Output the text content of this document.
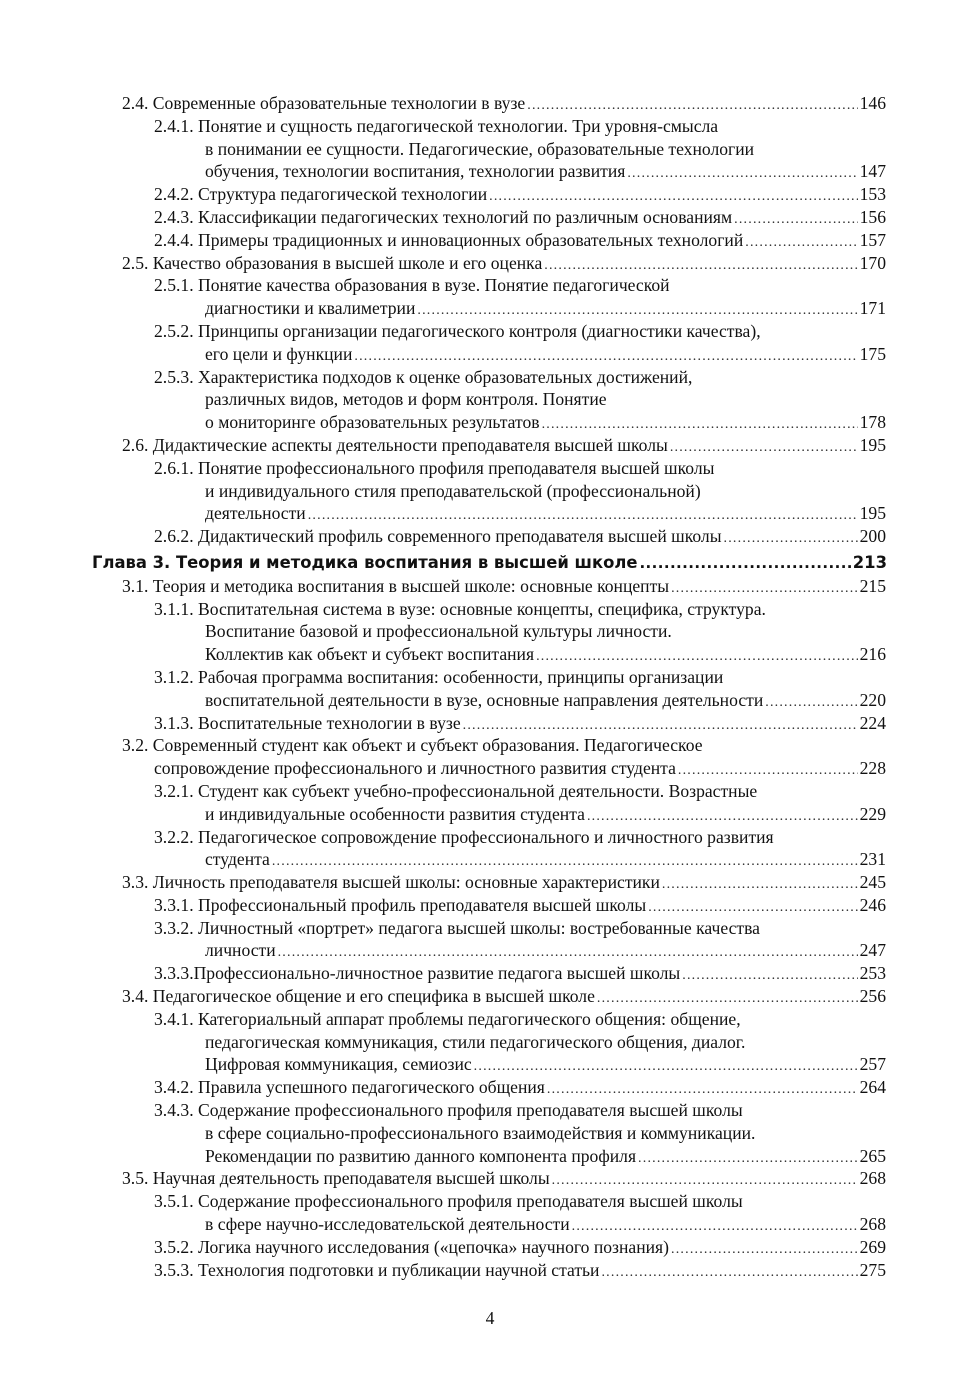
2.4. Современные образовательные технологии в вузе .....	146
2.4.1. Понятие и сущность педагогической технологии. Три уровня-смысла
в понимании ее сущности. Педагогические, образовательные технологии
обучения, технологии воспитания, технологии развития .....	147
2.4.2. Структура педагогической технологии .....	153
2.4.3. Классификации педагогических технологий по различным основаниям .....	156
2.4.4. Примеры традиционных и инновационных образовательных технологий .....	157
2.5. Качество образования в высшей школе и его оценка .....	170
2.5.1. Понятие качества образования в вузе. Понятие педагогической
диагностики и квалиметрии .....	171
2.5.2. Принципы организации педагогического контроля (диагностики качества),
его цели и функции .....	175
2.5.3. Характеристика подходов к оценке образовательных достижений,
различных видов, методов и форм контроля. Понятие
о мониторинге образовательных результатов .....	178
2.6. Дидактические аспекты деятельности преподавателя высшей школы .....	195
2.6.1. Понятие профессионального профиля преподавателя высшей школы
и индивидуального стиля преподавательской (профессиональной)
деятельности .....	195
2.6.2. Дидактический профиль современного преподавателя высшей школы .....	200
Глава 3. Теория и методика воспитания в высшей школе .....	213
3.1. Теория и методика воспитания в высшей школе: основные концепты .....	215
3.1.1. Воспитательная система в вузе: основные концепты, специфика, структура.
Воспитание базовой и профессиональной культуры личности.
Коллектив как объект и субъект воспитания .....	216
3.1.2. Рабочая программа воспитания: особенности, принципы организации
воспитательной деятельности в вузе, основные направления деятельности .....	220
3.1.3. Воспитательные технологии в вузе .....	224
3.2. Современный студент как объект и субъект образования. Педагогическое
сопровождение профессионального и личностного развития студента .....	228
3.2.1. Студент как субъект учебно-профессиональной деятельности. Возрастные
и индивидуальные особенности развития студента .....	229
3.2.2. Педагогическое сопровождение профессионального и личностного развития
студента .....	231
3.3. Личность преподавателя высшей школы: основные характеристики .....	245
3.3.1. Профессиональный профиль преподавателя высшей школы .....	246
3.3.2. Личностный «портрет» педагога высшей школы: востребованные качества
личности .....	247
3.3.3.Профессионально-личностное развитие педагога высшей школы .....	253
3.4. Педагогическое общение и его специфика в высшей школе .....	256
3.4.1. Категориальный аппарат проблемы педагогического общения: общение,
педагогическая коммуникация, стили педагогического общения, диалог.
Цифровая коммуникация, семиозис .....	257
3.4.2. Правила успешного педагогического общения .....	264
3.4.3. Содержание профессионального профиля преподавателя высшей школы
в сфере социально-профессионального взаимодействия и коммуникации.
Рекомендации по развитию данного компонента профиля .....	265
3.5. Научная деятельность преподавателя высшей школы .....	268
3.5.1. Содержание профессионального профиля преподавателя высшей школы
в сфере научно-исследовательской деятельности .....	268
3.5.2. Логика научного исследования («цепочка» научного познания) .....	269
3.5.3. Технология подготовки и публикации научной статьи .....	275
4
